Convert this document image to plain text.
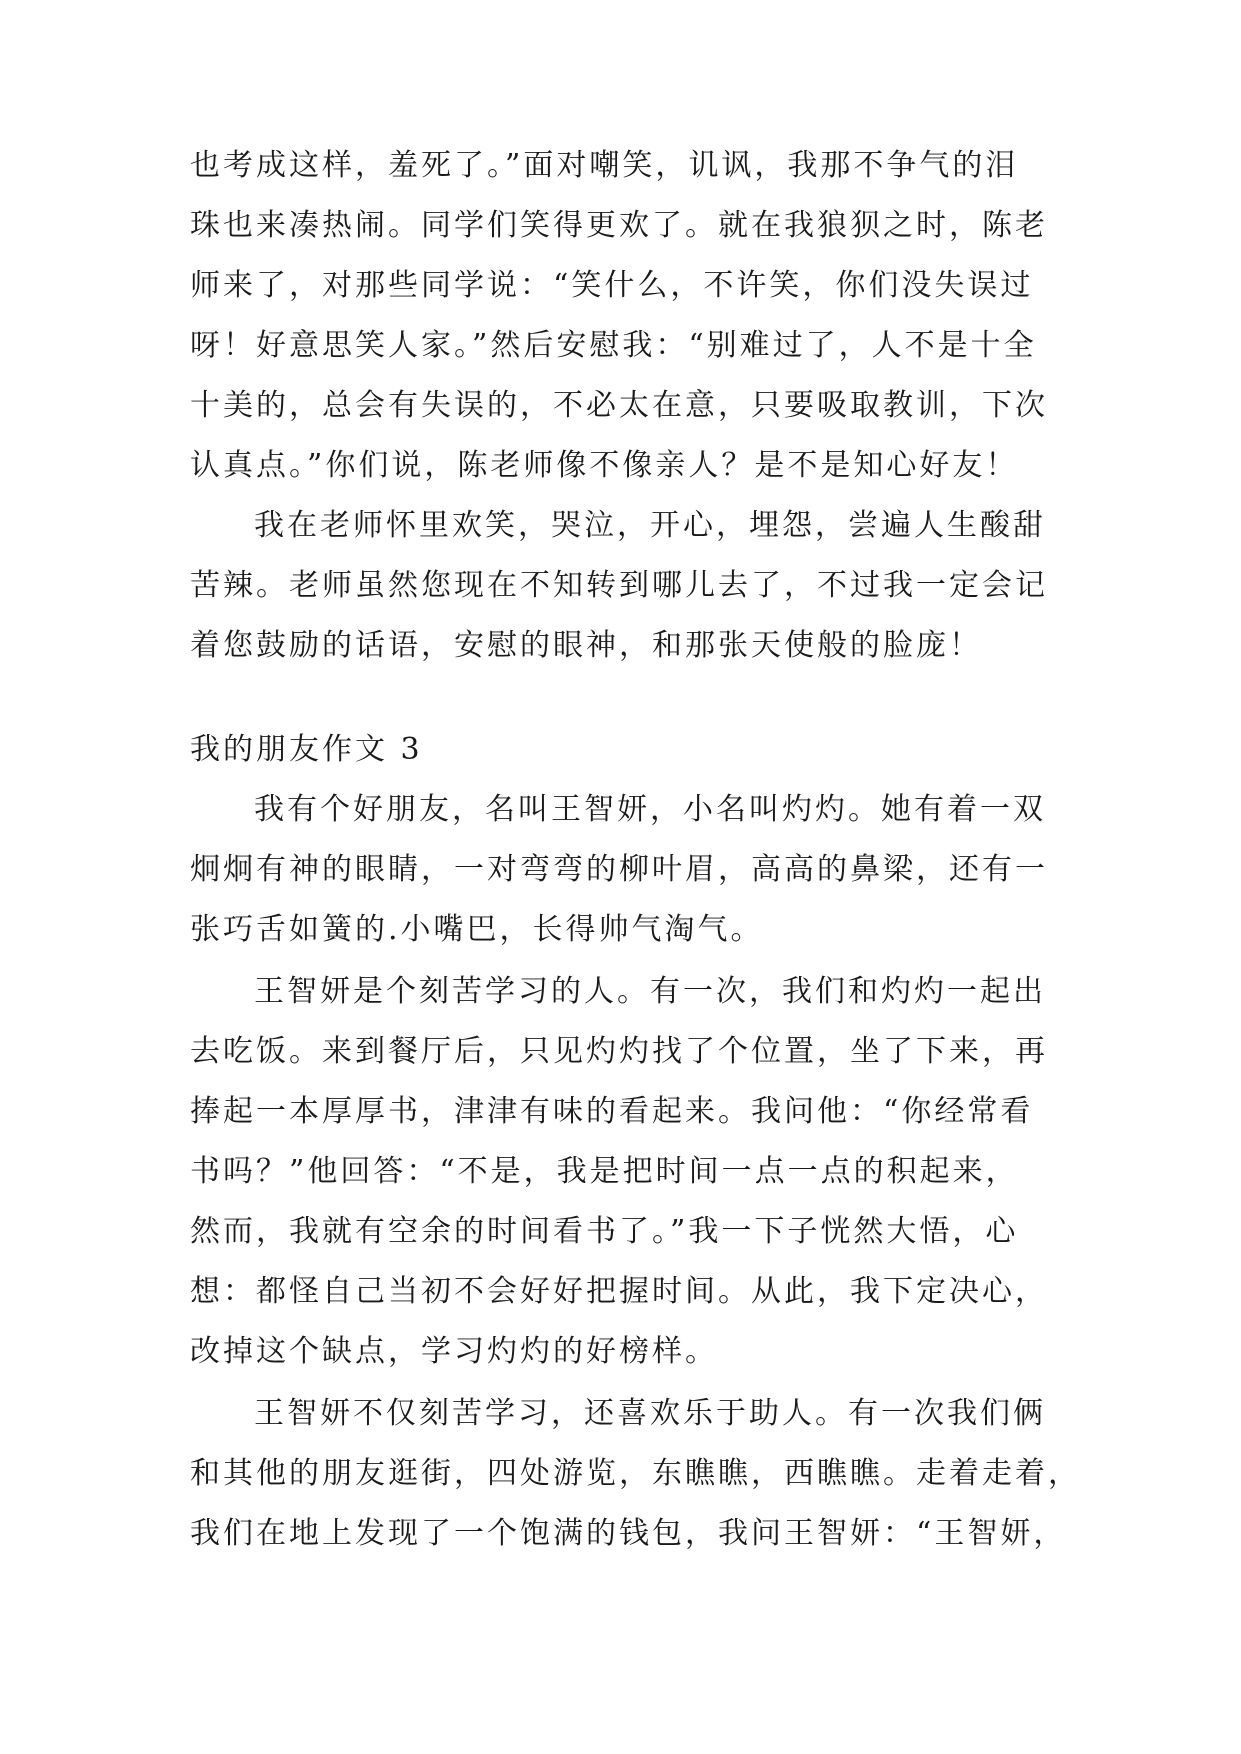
也考成这样，羞死了。”面对嘲笑，讥讽，我那不争气的泪
珠也来凑热闹。同学们笑得更欢了。就在我狼狈之时，陈老
师来了，对那些同学说：“笑什么，不许笑，你们没失误过
呀！好意思笑人家。”然后安慰我：“别难过了，人不是十全
十美的，总会有失误的，不必太在意，只要吸取教训，下次
认真点。”你们说，陈老师像不像亲人？是不是知心好友！
我在老师怀里欢笑，哭泣，开心，埋怨，尝遍人生酸甜
苦辣。老师虽然您现在不知转到哪儿去了，不过我一定会记
着您鼓励的话语，安慰的眼神，和那张天使般的脸庞！
我的朋友作文 3
我有个好朋友，名叫王智妍，小名叫灼灼。她有着一双
炯炯有神的眼睛，一对弯弯的柳叶眉，高高的鼻梁，还有一
张巧舌如簧的.小嘴巴，长得帅气淘气。
王智妍是个刻苦学习的人。有一次，我们和灼灼一起出
去吃饭。来到餐厅后，只见灼灼找了个位置，坐了下来，再
捧起一本厚厚书，津津有味的看起来。我问他：“你经常看
书吗？”他回答：“不是，我是把时间一点一点的积起来，
然而，我就有空余的时间看书了。”我一下子恍然大悟，心
想：都怪自己当初不会好好把握时间。从此，我下定决心，
改掉这个缺点，学习灼灼的好榜样。
王智妍不仅刻苦学习，还喜欢乐于助人。有一次我们俩
和其他的朋友逛街，四处游览，东瞧瞧，西瞧瞧。走着走着，
我们在地上发现了一个饱满的钱包，我问王智妍：“王智妍，
